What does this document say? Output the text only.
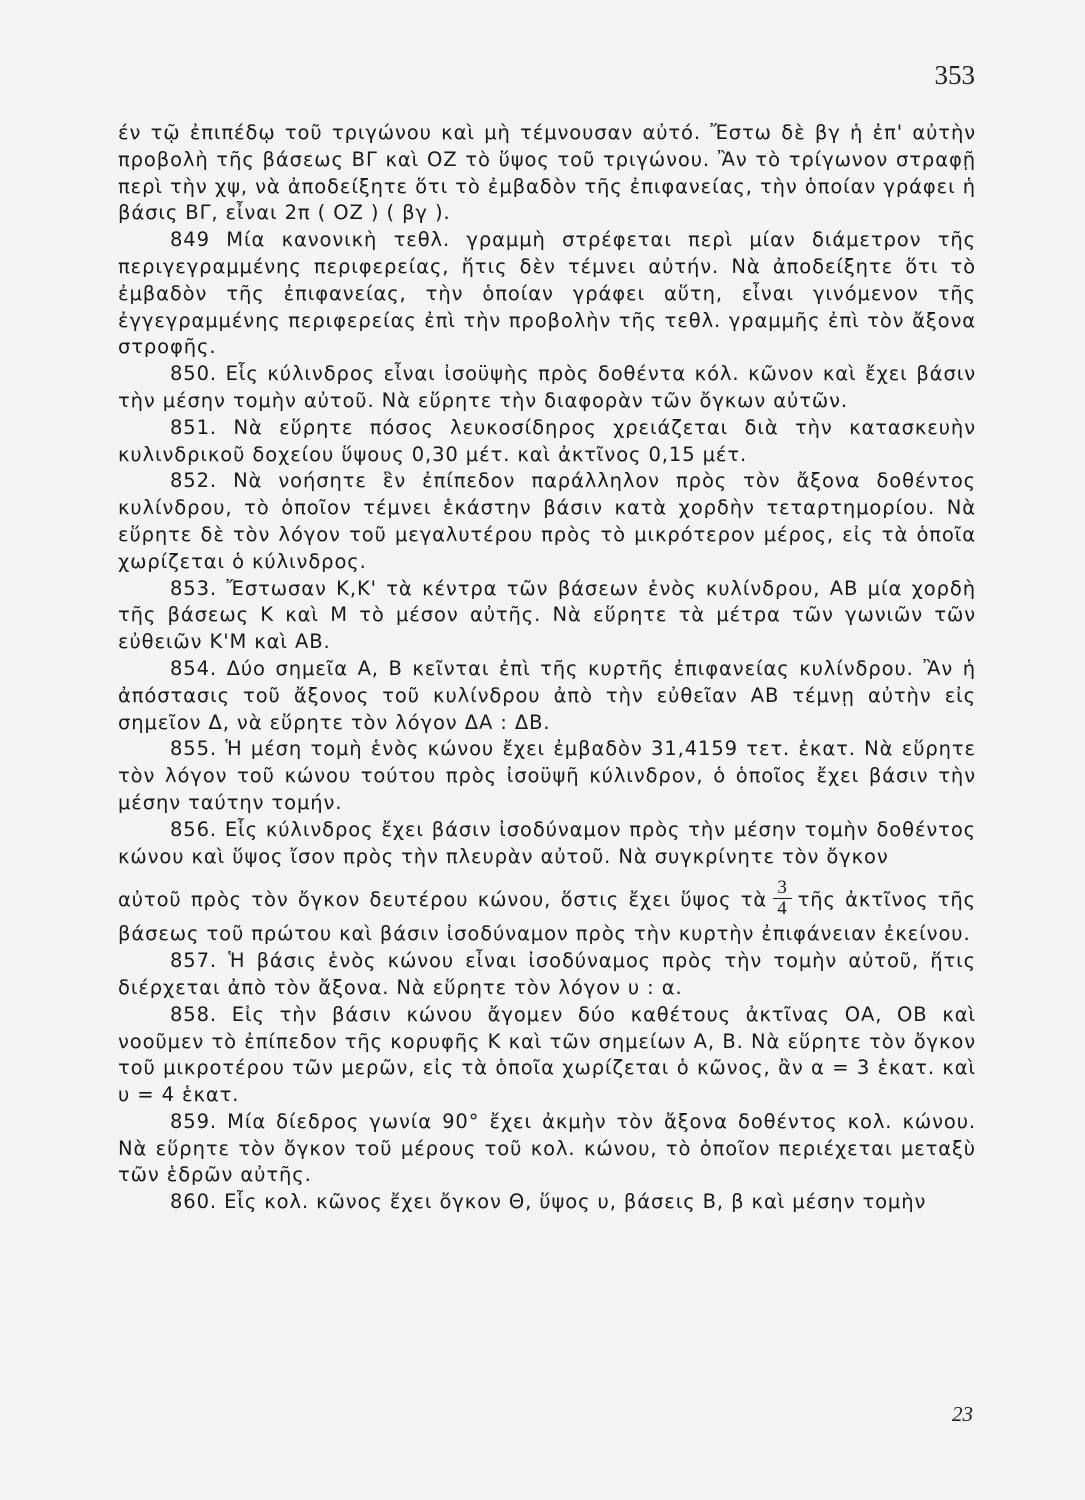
353

έν τῷ ἐπιπέδῳ τοῦ τριγώνου καὶ μὴ τέμνουσαν αὐτό. Ἔστω δὲ βγ ἡ ἐπ' αὐτὴν προβολὴ τῆς βάσεως ΒΓ καὶ ΟΖ τὸ ὕψος τοῦ τριγώνου. Ἂν τὸ τρίγωνον στραφῇ περὶ τὴν χψ, νὰ ἀποδείξητε ὅτι τὸ ἐμβαδὸν τῆς ἐπιφανείας, τὴν ὁποίαν γράφει ἡ βάσις ΒΓ, εἶναι 2π ( ΟΖ ) ( βγ ).

849 Μία κανονικὴ τεθλ. γραμμὴ στρέφεται περὶ μίαν διάμετρον τῆς περιγεγραμμένης περιφερείας, ἥτις δὲν τέμνει αὐτήν. Νὰ ἀποδείξητε ὅτι τὸ ἐμβαδὸν τῆς ἐπιφανείας, τὴν ὁποίαν γράφει αὕτη, εἶναι γινόμενον τῆς ἐγγεγραμμένης περιφερείας ἐπὶ τὴν προβολὴν τῆς τεθλ. γραμμῆς ἐπὶ τὸν ἄξονα στροφῆς.

850. Εἷς κύλινδρος εἶναι ἰσοϋψὴς πρὸς δοθέντα κόλ. κῶνον καὶ ἔχει βάσιν τὴν μέσην τομὴν αὐτοῦ. Νὰ εὕρητε τὴν διαφορὰν τῶν ὄγκων αὐτῶν.

851. Νὰ εὕρητε πόσος λευκοσίδηρος χρειάζεται διὰ τὴν κατασκευὴν κυλινδρικοῦ δοχείου ὕψους 0,30 μέτ. καὶ ἀκτῖνος 0,15 μέτ.

852. Νὰ νοήσητε ἓν ἐπίπεδον παράλληλον πρὸς τὸν ἄξονα δοθέντος κυλίνδρου, τὸ ὁποῖον τέμνει ἑκάστην βάσιν κατὰ χορδὴν τεταρτημορίου. Νὰ εὕρητε δὲ τὸν λόγον τοῦ μεγαλυτέρου πρὸς τὸ μικρότερον μέρος, εἰς τὰ ὁποῖα χωρίζεται ὁ κύλινδρος.

853. Ἔστωσαν Κ,Κ' τὰ κέντρα τῶν βάσεων ἑνὸς κυλίνδρου, ΑΒ μία χορδὴ τῆς βάσεως Κ καὶ Μ τὸ μέσον αὐτῆς. Νὰ εὕρητε τὰ μέτρα τῶν γωνιῶν τῶν εὐθειῶν Κ'Μ καὶ ΑΒ.

854. Δύο σημεῖα Α, Β κεῖνται ἐπὶ τῆς κυρτῆς ἐπιφανείας κυλίνδρου. Ἂν ἡ ἀπόστασις τοῦ ἄξονος τοῦ κυλίνδρου ἀπὸ τὴν εὐθεῖαν ΑΒ τέμνῃ αὐτὴν εἰς σημεῖον Δ, νὰ εὕρητε τὸν λόγον ΔΑ : ΔΒ.

855. Ἡ μέση τομὴ ἑνὸς κώνου ἔχει ἐμβαδὸν 31,4159 τετ. ἑκατ. Νὰ εὕρητε τὸν λόγον τοῦ κώνου τούτου πρὸς ἰσοϋψῆ κύλινδρον, ὁ ὁποῖος ἔχει βάσιν τὴν μέσην ταύτην τομήν.

856. Εἷς κύλινδρος ἔχει βάσιν ἰσοδύναμον πρὸς τὴν μέσην τομὴν δοθέντος κώνου καὶ ὕψος ἴσον πρὸς τὴν πλευρὰν αὐτοῦ. Νὰ συγκρίνητε τὸν ὄγκον

αὐτοῦ πρὸς τὸν ὄγκον δευτέρου κώνου, ὅστις ἔχει ὕψος τὰ $\frac{3}{4}$ τῆς ἀκτῖνος τῆς βάσεως τοῦ πρώτου καὶ βάσιν ἰσοδύναμον πρὸς τὴν κυρτὴν ἐπιφάνειαν ἐκείνου.

857. Ἡ βάσις ἑνὸς κώνου εἶναι ἰσοδύναμος πρὸς τὴν τομὴν αὐτοῦ, ἥτις διέρχεται ἀπὸ τὸν ἄξονα. Νὰ εὕρητε τὸν λόγον υ : α.

858. Εἰς τὴν βάσιν κώνου ἄγομεν δύο καθέτους ἀκτῖνας ΟΑ, ΟΒ καὶ νοοῦμεν τὸ ἐπίπεδον τῆς κορυφῆς Κ καὶ τῶν σημείων Α, Β. Νὰ εὕρητε τὸν ὄγκον τοῦ μικροτέρου τῶν μερῶν, εἰς τὰ ὁποῖα χωρίζεται ὁ κῶνος, ἂν α = 3 ἑκατ. καὶ υ = 4 ἑκατ.

859. Μία δίεδρος γωνία 90° ἔχει ἀκμὴν τὸν ἄξονα δοθέντος κολ. κώνου. Νὰ εὕρητε τὸν ὄγκον τοῦ μέρους τοῦ κολ. κώνου, τὸ ὁποῖον περιέχεται μεταξὺ τῶν ἑδρῶν αὐτῆς.

860. Εἷς κολ. κῶνος ἔχει ὄγκον Θ, ὕψος υ, βάσεις Β, β καὶ μέσην τομὴν

23
